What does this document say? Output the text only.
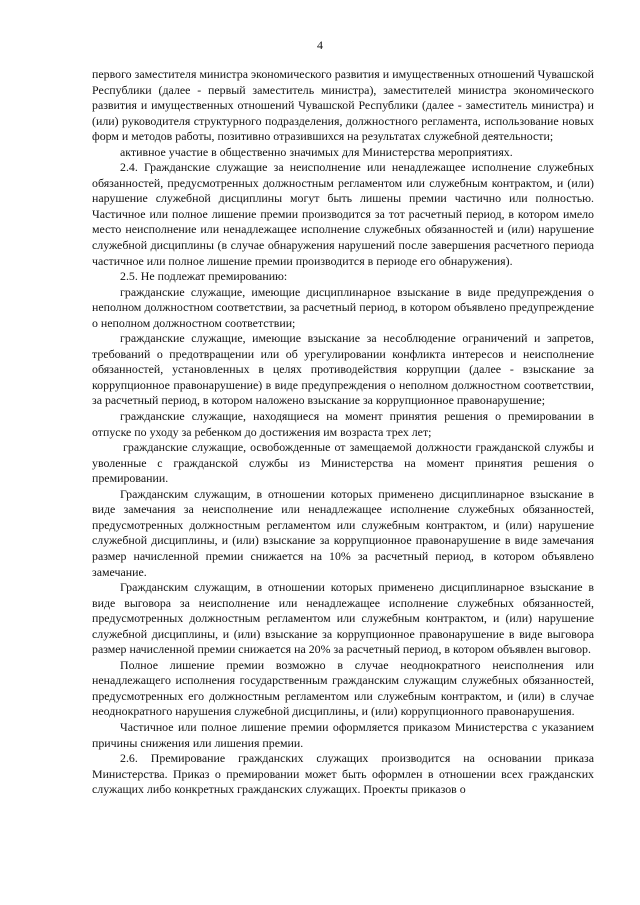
4

первого заместителя министра экономического развития и имущественных отношений Чувашской Республики (далее - первый заместитель министра), заместителей министра экономического развития и имущественных отношений Чувашской Республики (далее - заместитель министра) и (или) руководителя структурного подразделения, должностного регламента, использование новых форм и методов работы, позитивно отразившихся на результатах служебной деятельности;

активное участие в общественно значимых для Министерства мероприятиях.

2.4. Гражданские служащие за неисполнение или ненадлежащее исполнение служебных обязанностей, предусмотренных должностным регламентом или служебным контрактом, и (или) нарушение служебной дисциплины могут быть лишены премии частично или полностью. Частичное или полное лишение премии производится за тот расчетный период, в котором имело место неисполнение или ненадлежащее исполнение служебных обязанностей и (или) нарушение служебной дисциплины (в случае обнаружения нарушений после завершения расчетного периода частичное или полное лишение премии производится в периоде его обнаружения).

2.5. Не подлежат премированию:

гражданские служащие, имеющие дисциплинарное взыскание в виде предупреждения о неполном должностном соответствии, за расчетный период, в котором объявлено предупреждение о неполном должностном соответствии;

гражданские служащие, имеющие взыскание за несоблюдение ограничений и запретов, требований о предотвращении или об урегулировании конфликта интересов и неисполнение обязанностей, установленных в целях противодействия коррупции (далее - взыскание за коррупционное правонарушение) в виде предупреждения о неполном должностном соответствии, за расчетный период, в котором наложено взыскание за коррупционное правонарушение;

гражданские служащие, находящиеся на момент принятия решения о премировании в отпуске по уходу за ребенком до достижения им возраста трех лет;

гражданские служащие, освобожденные от замещаемой должности гражданской службы и уволенные с гражданской службы из Министерства на момент принятия решения о премировании.

Гражданским служащим, в отношении которых применено дисциплинарное взыскание в виде замечания за неисполнение или ненадлежащее исполнение служебных обязанностей, предусмотренных должностным регламентом или служебным контрактом, и (или) нарушение служебной дисциплины, и (или) взыскание за коррупционное правонарушение в виде замечания размер начисленной премии снижается на 10% за расчетный период, в котором объявлено замечание.

Гражданским служащим, в отношении которых применено дисциплинарное взыскание в виде выговора за неисполнение или ненадлежащее исполнение служебных обязанностей, предусмотренных должностным регламентом или служебным контрактом, и (или) нарушение служебной дисциплины, и (или) взыскание за коррупционное правонарушение в виде выговора размер начисленной премии снижается на 20% за расчетный период, в котором объявлен выговор.

Полное лишение премии возможно в случае неоднократного неисполнения или ненадлежащего исполнения государственным гражданским служащим служебных обязанностей, предусмотренных его должностным регламентом или служебным контрактом, и (или) в случае неоднократного нарушения служебной дисциплины, и (или) коррупционного правонарушения.

Частичное или полное лишение премии оформляется приказом Министерства с указанием причины снижения или лишения премии.

2.6. Премирование гражданских служащих производится на основании приказа Министерства. Приказ о премировании может быть оформлен в отношении всех гражданских служащих либо конкретных гражданских служащих. Проекты приказов о
